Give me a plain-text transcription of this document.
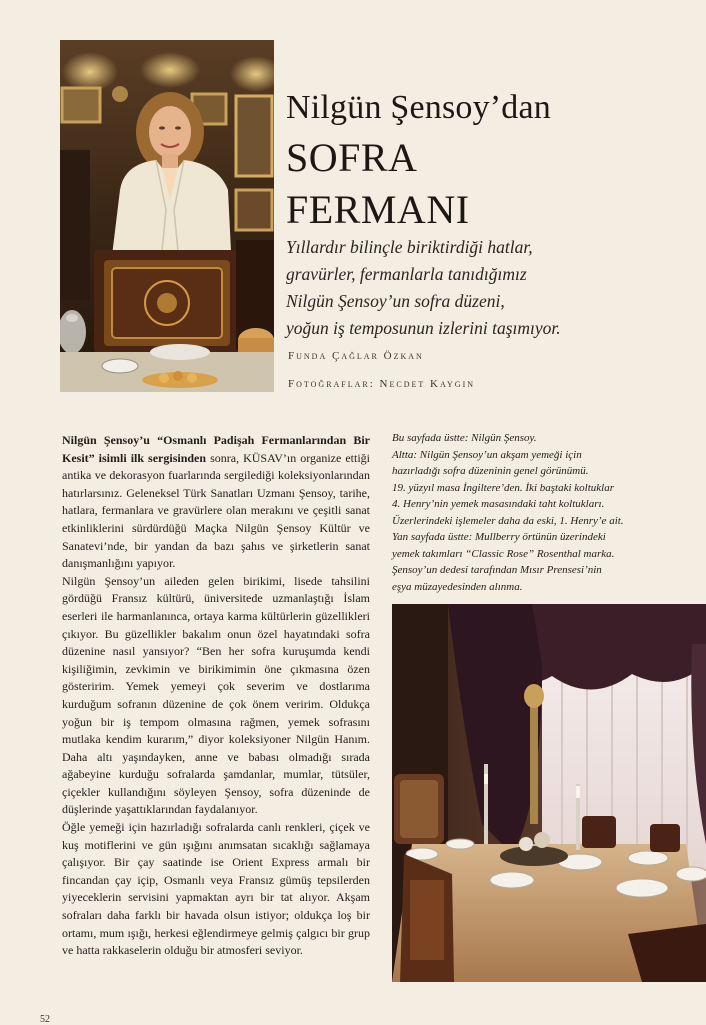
Nilgün Şensoy’dan
SOFRA
FERMANI
Yıllardır bilinçle biriktirdiği hatlar,
gravürler, fermanlarla tanıdığımız
Nilgün Şensoy’un sofra düzeni,
yoğun iş temposunun izlerini taşımıyor.
Funda Çağlar Özkan
Fotoğraflar: Necdet Kaygın

Nilgün Şensoy’u “Osmanlı Padişah Fermanlarından Bir Kesit” isimli ilk sergisinden sonra, KÜSAV’ın organize ettiği antika ve dekorasyon fuarlarında sergilediği koleksiyonlarından hatırlarsınız. Geleneksel Türk Sanatları Uzmanı Şensoy, tarihe, hatlara, fermanlara ve gravürlere olan merakını ve çeşitli sanat etkinliklerini sürdürdüğü Maçka Nilgün Şensoy Kültür ve Sanatevi’nde, bir yandan da bazı şahıs ve şirketlerin sanat danışmanlığını yapıyor.

Nilgün Şensoy’un aileden gelen birikimi, lisede tahsilini gördüğü Fransız kültürü, üniversitede uzmanlaştığı İslam eserleri ile harmanlanınca, ortaya karma kültürlerin güzellikleri çıkıyor. Bu güzellikler bakalım onun özel hayatındaki sofra düzenine nasıl yansıyor? “Ben her sofra kuruşumda kendi kişiliğimin, zevkimin ve birikimimin öne çıkmasına özen gösteririm. Yemek yemeyi çok severim ve dostlarıma kurduğum sofranın düzenine de çok önem veririm. Oldukça yoğun bir iş tempom olmasına rağmen, yemek sofrasını mutlaka kendim kurarım,” diyor koleksiyoner Nilgün Hanım. Daha altı yaşındayken, anne ve babası olmadığı sırada ağabeyine kurduğu sofralarda şamdanlar, mumlar, tütsüler, çiçekler kullandığını söyleyen Şensoy, sofra düzeninde de düşlerinde yaşattıklarından faydalanıyor.

Öğle yemeği için hazırladığı sofralarda canlı renkleri, çiçek ve kuş motiflerini ve gün ışığını anımsatan sıcaklığı sağlamaya çalışıyor. Bir çay saatinde ise Orient Express armalı bir fincandan çay içip, Osmanlı veya Fransız gümüş tepsilerden yiyeceklerin servisini yapmaktan ayrı bir tat alıyor. Akşam sofraları daha farklı bir havada olsun istiyor; oldukça loş bir ortamı, mum ışığı, herkesi eğlendirmeye gelmiş çalgıcı bir grup ve hatta rakkaselerin olduğu bir atmosferi seviyor.

Bu sayfada üstte: Nilgün Şensoy.
Altta: Nilgün Şensoy’un akşam yemeği için
hazırladığı sofra düzeninin genel görünümü.
19. yüzyıl masa İngiltere’den. İki baştaki koltuklar
4. Henry’nin yemek masasındaki taht koltukları.
Üzerlerindeki işlemeler daha da eski, 1. Henry’e ait.
Yan sayfada üstte: Mullberry örtünün üzerindeki
yemek takımları “Classic Rose” Rosenthal marka.
Şensoy’un dedesi tarafından Mısır Prensesi’nin
eşya müzayedesinden alınma.
52
